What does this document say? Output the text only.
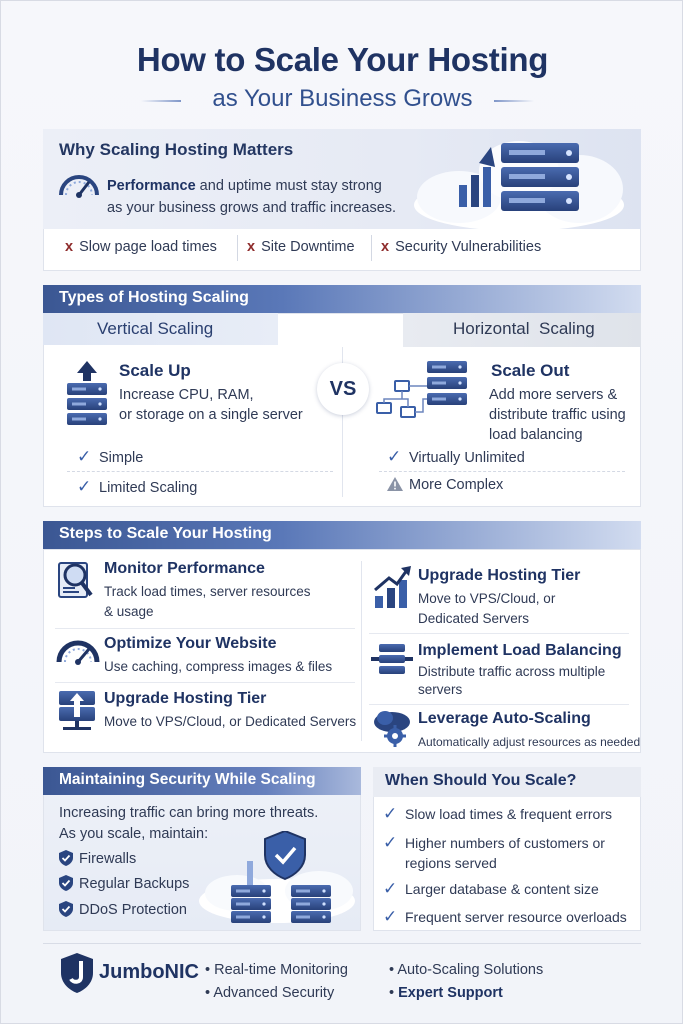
How to Scale Your Hosting
as Your Business Grows
Why Scaling Hosting Matters
Performance and uptime must stay strong
as your business grows and traffic increases.
x Slow page load times x Site Downtime x Security Vulnerabilities
Types of Hosting Scaling
Vertical Scaling	Horizontal  Scaling
Scale Up
Increase CPU, RAM,
or storage on a single server
✓ Simple
✓ Limited Scaling
VS
Scale Out
Add more servers &
distribute traffic using
load balancing
✓ Virtually Unlimited
More Complex
Steps to Scale Your Hosting
Monitor Performance
Track load times, server resources
& usage
Optimize Your Website
Use caching, compress images & files
Upgrade Hosting Tier
Move to VPS/Cloud, or Dedicated Servers
Upgrade Hosting Tier
Move to VPS/Cloud, or
Dedicated Servers
Implement Load Balancing
Distribute traffic across multiple
servers
Leverage Auto-Scaling
Automatically adjust resources as needed
Maintaining Security While Scaling
Increasing traffic can bring more threats.
As you scale, maintain:
Firewalls
Regular Backups
DDoS Protection
When Should You Scale?
✓ Slow load times & frequent errors
✓ Higher numbers of customers or
regions served
✓ Larger database & content size
✓ Frequent server resource overloads
JumboNIC • Real-time Monitoring
• Advanced Security
• Auto-Scaling Solutions
• Expert Support
